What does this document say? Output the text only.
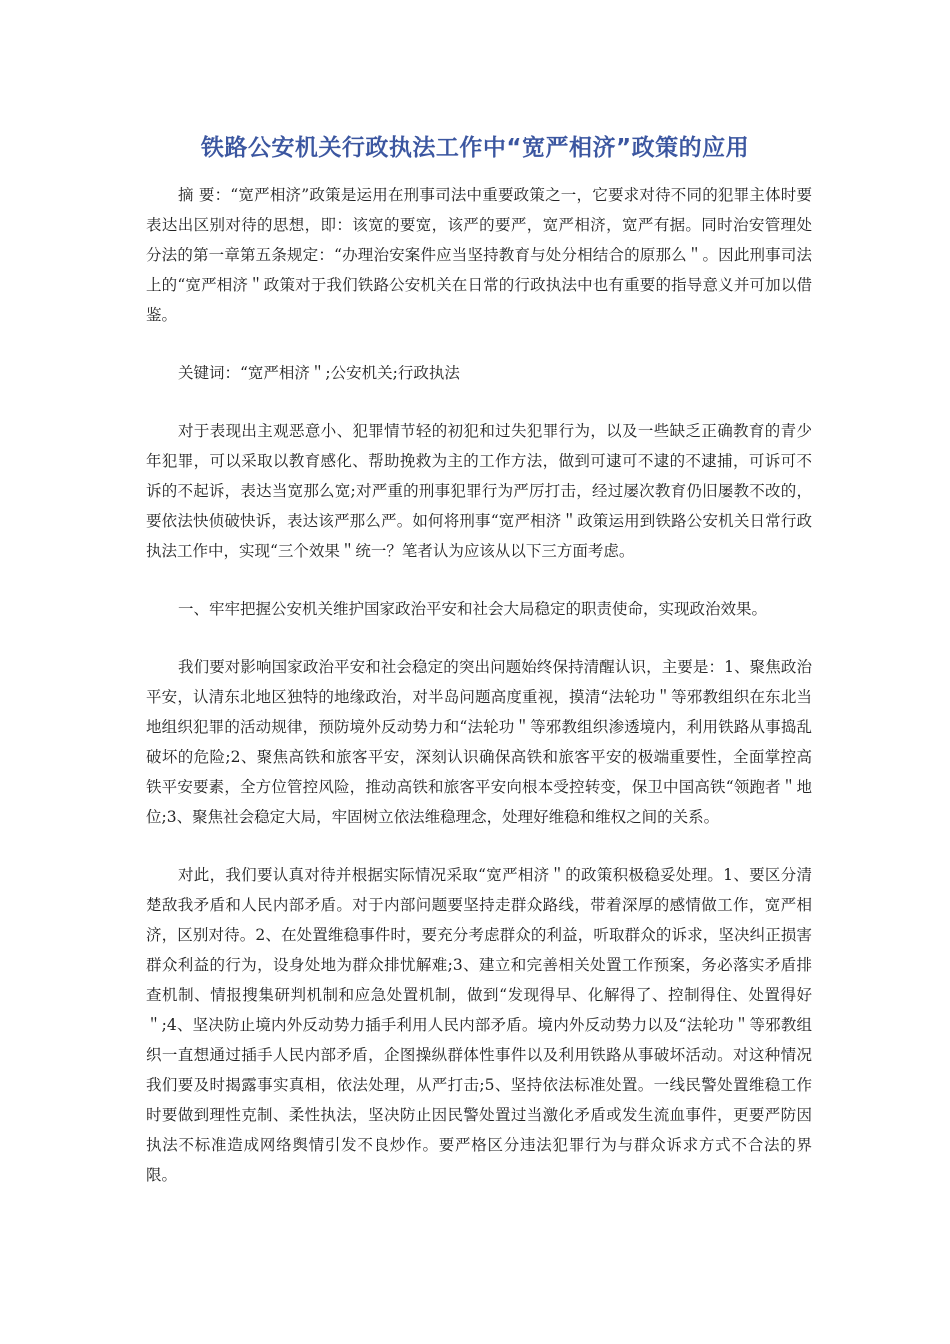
铁路公安机关行政执法工作中“宽严相济”政策的应用

摘 要：“宽严相济”政策是运用在刑事司法中重要政策之一，它要求对待不同的犯罪主体时要表达出区别对待的思想，即：该宽的要宽，该严的要严，宽严相济，宽严有据。同时治安管理处分法的第一章第五条规定：“办理治安案件应当坚持教育与处分相结合的原那么＂。因此刑事司法上的“宽严相济＂政策对于我们铁路公安机关在日常的行政执法中也有重要的指导意义并可加以借鉴。

关键词：“宽严相济＂;公安机关;行政执法

对于表现出主观恶意小、犯罪情节轻的初犯和过失犯罪行为，以及一些缺乏正确教育的青少年犯罪，可以采取以教育感化、帮助挽救为主的工作方法，做到可逮可不逮的不逮捕，可诉可不诉的不起诉，表达当宽那么宽;对严重的刑事犯罪行为严厉打击，经过屡次教育仍旧屡教不改的，要依法快侦破快诉，表达该严那么严。如何将刑事“宽严相济＂政策运用到铁路公安机关日常行政执法工作中，实现“三个效果＂统一？笔者认为应该从以下三方面考虑。

一、牢牢把握公安机关维护国家政治平安和社会大局稳定的职责使命，实现政治效果。

我们要对影响国家政治平安和社会稳定的突出问题始终保持清醒认识，主要是：1、聚焦政治平安，认清东北地区独特的地缘政治，对半岛问题高度重视，摸清“法轮功＂等邪教组织在东北当地组织犯罪的活动规律，预防境外反动势力和“法轮功＂等邪教组织渗透境内，利用铁路从事捣乱破坏的危险;2、聚焦高铁和旅客平安，深刻认识确保高铁和旅客平安的极端重要性，全面掌控高铁平安要素，全方位管控风险，推动高铁和旅客平安向根本受控转变，保卫中国高铁“领跑者＂地位;3、聚焦社会稳定大局，牢固树立依法维稳理念，处理好维稳和维权之间的关系。

对此，我们要认真对待并根据实际情况采取“宽严相济＂的政策积极稳妥处理。1、要区分清楚敌我矛盾和人民内部矛盾。对于内部问题要坚持走群众路线，带着深厚的感情做工作，宽严相济，区别对待。2、在处置维稳事件时，要充分考虑群众的利益，听取群众的诉求，坚决纠正损害群众利益的行为，设身处地为群众排忧解难;3、建立和完善相关处置工作预案，务必落实矛盾排查机制、情报搜集研判机制和应急处置机制，做到“发现得早、化解得了、控制得住、处置得好＂;4、坚决防止境内外反动势力插手利用人民内部矛盾。境内外反动势力以及“法轮功＂等邪教组织一直想通过插手人民内部矛盾，企图操纵群体性事件以及利用铁路从事破坏活动。对这种情况我们要及时揭露事实真相，依法处理，从严打击;5、坚持依法标准处置。一线民警处置维稳工作时要做到理性克制、柔性执法，坚决防止因民警处置过当激化矛盾或发生流血事件，更要严防因执法不标准造成网络舆情引发不良炒作。要严格区分违法犯罪行为与群众诉求方式不合法的界限。
